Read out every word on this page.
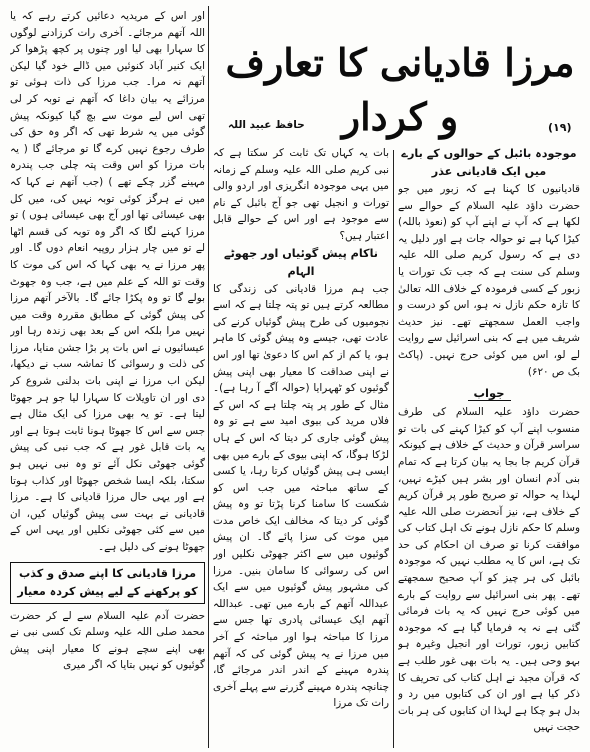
اور اس کے مریدیہ دعائیں کرتے رہے کہ یا اللہ آتھم مرجائے۔ آخری رات کرزادنے لوگوں کا سہارا بھی لیا اور چنوں پر کچھ پڑھوا کر ایک کنیر آباد کنوئیں میں ڈالے خود گیا لیکن آتھم نہ مرا۔ جب مرزا کی ذات ہوئی تو مرزائے یہ بیان داغا کہ آتھم نے توبہ کر لی تھی اس لیے موت سے بچ گیا کیونکہ پیش گوئی میں یہ شرط تھی کہ اگر وہ حق کی طرف رجوع نہیں کرے گا تو مرجائے گا ( یہ بات مرزا کو اس وقت پتہ چلی جب پندرہ مہینے گزر چکے تھے ) (جب آتھم نے کہا کہ میں نے ہرگز کوئی توبہ نہیں کی، میں کل بھی عیسائی تھا اور آج بھی عیسائی ہوں ) تو مرزا کہنے لگا کہ اگر وہ توبہ کی قسم اٹھا لے تو میں چار ہزار روپیہ انعام دوں گا۔ اور پھر مرزا نے یہ بھی کہا کہ اس کی موت کا وقت تو اللہ کے علم میں ہے، جب وہ جھوٹ بولے گا تو وہ پکڑا جائے گا۔ بالآخر آتھم مرزا کی پیش گوئی کے مطابق مقررہ وقت میں نہیں مرا بلکہ اس کے بعد بھی زندہ رہا اور عیسائیوں نے اس بات پر بڑا جشن منایا، مرزا کی ذلت و رسوائی کا تماشہ سب نے دیکھا، لیکن اب مرزا نے اپنی بات بدلنی شروع کر دی اور ان تاویلات کا سہارا لیا جو ہر جھوٹا لیتا ہے۔ تو یہ بھی مرزا کی ایک مثال ہے جس سے اس کا جھوٹا ہونا ثابت ہوتا ہے اور یہ بات قابل غور ہے کہ جب نبی کی پیش گوئی جھوٹی نکل آئے تو وہ نبی نہیں ہو سکتا، بلکہ ایسا شخص جھوٹا اور کذاب ہوتا ہے اور یہی حال مرزا قادیانی کا ہے۔ مرزا قادیانی نے بہت سی پیش گوئیاں کیں، ان میں سے کئی جھوٹی نکلیں اور یہی اس کے جھوٹا ہونے کی دلیل ہے۔

مرزا قادیانی کا اپنے صدق و کذب کو پرکھنے کے لیے پیش کردہ معیار

حضرت آدم علیہ السلام سے لے کر حضرت محمد صلی اللہ علیہ وسلم تک کسی نبی نے بھی اپنے سچے ہونے کا معیار اپنی پیش گوئیوں کو نہیں بتایا کہ اگر میری

مرزا قادیانی کا تعارف و کردار	(۱۹)
حافظ عبید اللہ

بات یہ کہاں تک ثابت کر سکتا ہے کہ نبی کریم صلی اللہ علیہ وسلم کے زمانہ میں یہی موجودہ انگریزی اور اردو والی تورات و انجیل تھی جو آج بائبل کے نام سے موجود ہے اور اس کے حوالے قابل اعتبار ہیں؟

ناکام پیش گوئیاں اور جھوٹے الہام

جب ہم مرزا قادیانی کی زندگی کا مطالعہ کرتے ہیں تو پتہ چلتا ہے کہ اسے نجومیوں کی طرح پیش گوئیاں کرنے کی عادت تھی، جیسے وہ پیش گوئی کا ماہر ہو، یا کم از کم اس کا دعویٰ تھا اور اس نے اپنی صداقت کا معیار بھی اپنی پیش گوئیوں کو ٹھہرایا (حوالہ آگے آ رہا ہے)۔ مثال کے طور پر پتہ چلتا ہے کہ اس کے فلاں مرید کی بیوی امید سے ہے تو وہ پیش گوئی جاری کر دیتا کہ اس کے ہاں لڑکا ہوگا، کہ اپنی بیوی کے بارے میں بھی ایسی ہی پیش گوئیاں کرتا رہا، یا کسی کے ساتھ مباحثہ میں جب اس کو شکست کا سامنا کرنا پڑتا تو وہ پیش گوئی کر دیتا کہ مخالف ایک خاص مدت میں موت کی سزا پائے گا۔ ان پیش گوئیوں میں سے اکثر جھوٹی نکلیں اور اس کی رسوائی کا سامان بنیں۔ مرزا کی مشہور پیش گوئیوں میں سے ایک عبداللہ آتھم کے بارے میں تھی۔ عبداللہ آتھم ایک عیسائی پادری تھا جس سے مرزا کا مباحثہ ہوا اور مباحثہ کے آخر میں مرزا نے یہ پیش گوئی کی کہ آتھم پندرہ مہینے کے اندر اندر مرجائے گا، چنانچہ پندرہ مہینے گزرنے سے پہلے آخری رات تک مرزا

موجودہ بائبل کے حوالوں کے بارے میں ایک قادیانی عذر

قادیانیوں کا کہنا ہے کہ زبور میں جو حضرت داؤد علیہ السلام کے حوالے سے لکھا ہے کہ آپ نے اپنے آپ کو (نعوذ باللہ) کیڑا کہا ہے تو حوالہ جات ہے اور دلیل یہ دی ہے کہ رسول کریم صلی اللہ علیہ وسلم کی سنت ہے کہ جب تک تورات یا زبور کے کسی فرمودہ کے خلاف اللہ تعالیٰ کا تازہ حکم نازل نہ ہو، اس کو درست و واجب العمل سمجھتے تھے۔ نیز حدیث شریف میں ہے کہ بنی اسرائیل سے روایت لے لو، اس میں کوئی حرج نہیں۔ (پاکٹ بک ص ۶۲۰)

جواب

حضرت داؤد علیہ السلام کی طرف منسوب اپنے آپ کو کیڑا کہنے کی بات تو سراسر قرآن و حدیث کے خلاف ہے کیونکہ قرآن کریم جا بجا یہ بیان کرتا ہے کہ تمام بنی آدم انسان اور بشر ہیں کیڑے نہیں، لہذا یہ حوالہ تو صریح طور پر قرآن کریم کے خلاف ہے، نیز آنحضرت صلی اللہ علیہ وسلم کا حکم نازل ہونے تک اہل کتاب کی موافقت کرنا تو صرف ان احکام کی حد تک ہے، اس کا یہ مطلب نہیں کہ موجودہ بائبل کی ہر چیز کو آپ صحیح سمجھتے تھے۔ پھر بنی اسرائیل سے روایت کے بارے میں کوئی حرج نہیں کہ یہ بات فرمائی گئی ہے نہ یہ فرمایا گیا ہے کہ موجودہ کتابیں زبور، تورات اور انجیل وغیرہ ہو بہو وحی ہیں۔ یہ بات بھی غور طلب ہے کہ قرآن مجید نے اہل کتاب کی تحریف کا ذکر کیا ہے اور ان کی کتابوں میں رد و بدل ہو چکا ہے لہذا ان کتابوں کی ہر بات حجت نہیں
